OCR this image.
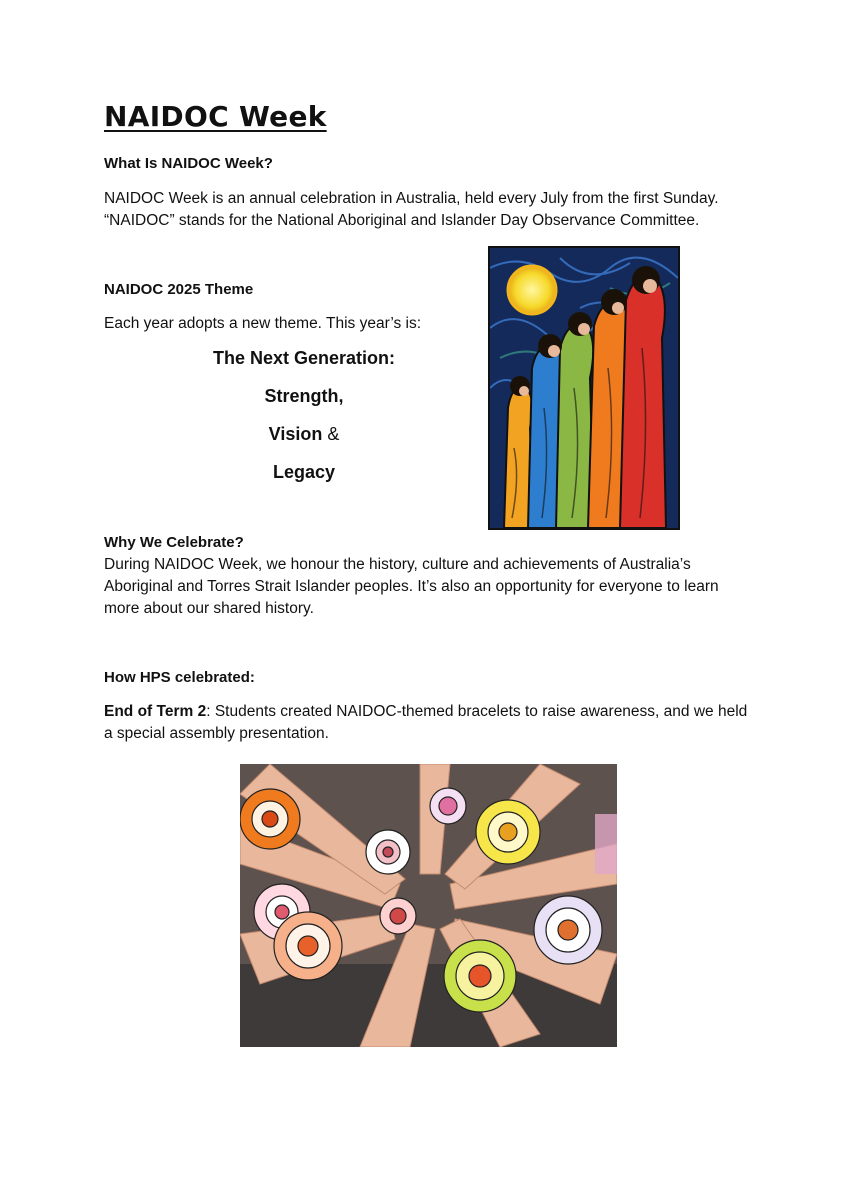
NAIDOC Week
What Is NAIDOC Week?
NAIDOC Week is an annual celebration in Australia, held every July from the first Sunday.
“NAIDOC” stands for the National Aboriginal and Islander Day Observance Committee.
NAIDOC 2025 Theme
Each year adopts a new theme. This year’s is:
The Next Generation:
Strength,
Vision &
Legacy
Why We Celebrate?
During NAIDOC Week, we honour the history, culture and achievements of Australia’s
Aboriginal and Torres Strait Islander peoples. It’s also an opportunity for everyone to learn
more about our shared history.
How HPS celebrated:
End of Term 2: Students created NAIDOC-themed bracelets to raise awareness, and we held
a special assembly presentation.
